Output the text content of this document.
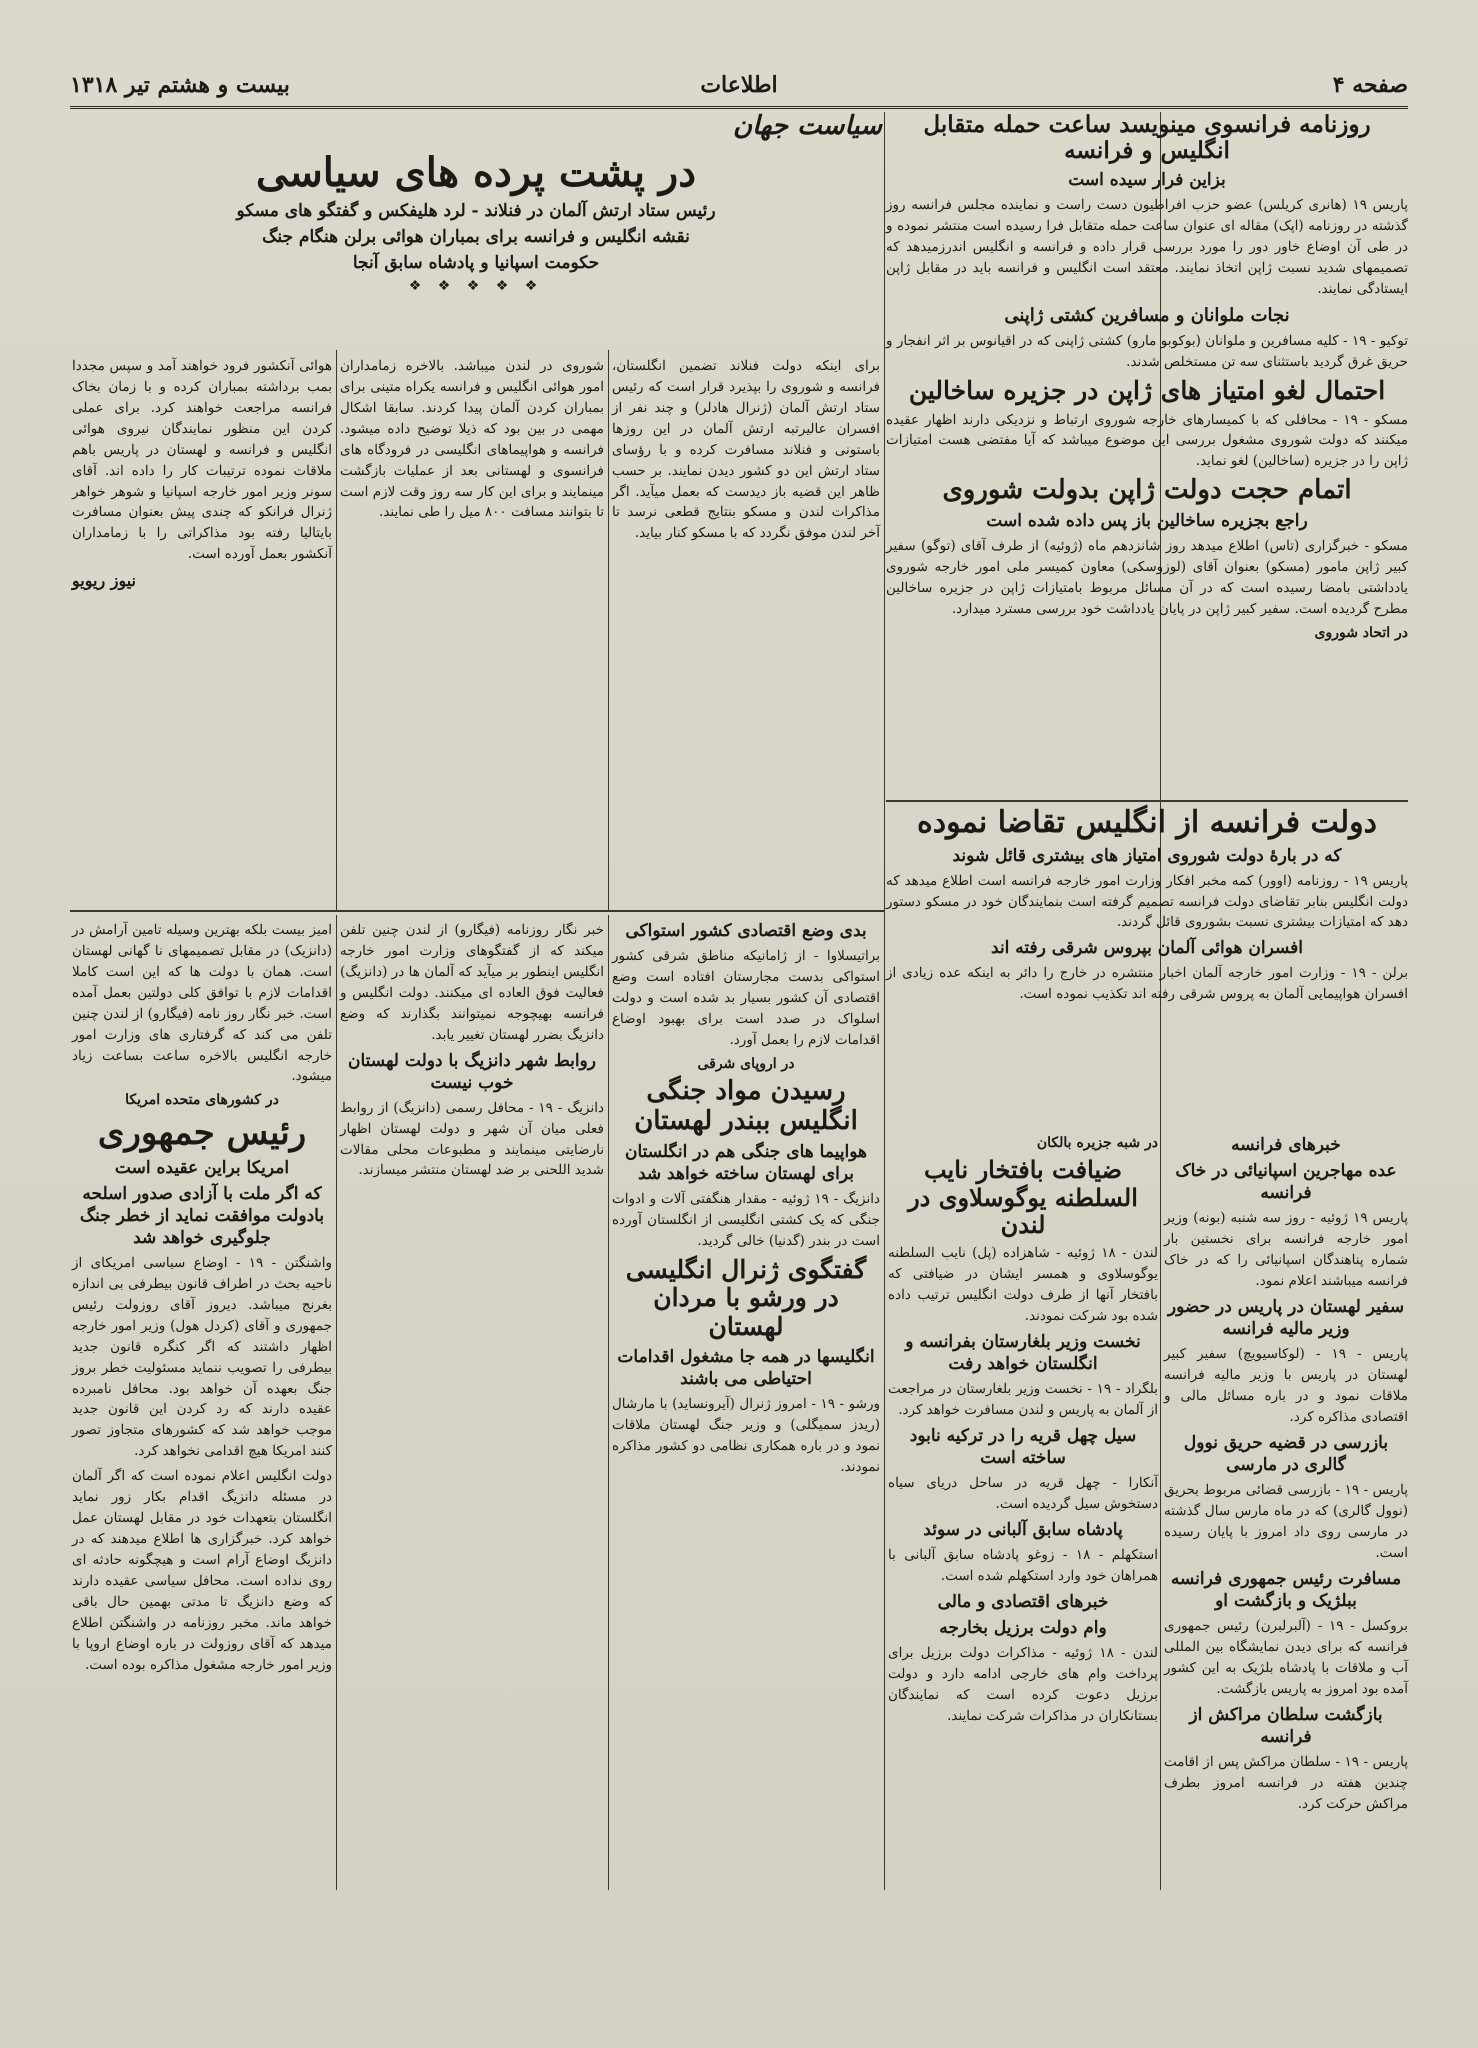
صفحه ۴
اطلاعات
بیست و هشتم تیر ۱۳۱۸
روزنامه فرانسوی مینویسد ساعت حمله متقابل انگلیس و فرانسه
بزاین فرار سیده است

پاریس ۱۹ (هانری کریلس) عضو حزب افراطیون دست راست و نماینده مجلس فرانسه روز گذشته در روزنامه (اپک) مقاله ای عنوان ساعت حمله متقابل فرا رسیده است منتشر نموده و در طی آن اوضاع خاور دور را مورد بررسی قرار داده و فرانسه و انگلیس اندرزمیدهد که تصمیمهای شدید نسبت ژاپن اتخاذ نمایند. معتقد است انگلیس و فرانسه باید در مقابل ژاپن ایستادگی نمایند.

نجات ملوانان و مسافرین کشتی ژاپنی

توکیو - ۱۹ - کلیه مسافرین و ملوانان (بوکوبو مارو) کشتی ژاپنی که در اقیانوس بر اثر انفجار و حریق غرق گردید باستثنای سه تن مستخلص شدند.

احتمال لغو امتیاز های ژاپن در جزیره ساخالین

مسکو - ۱۹ - محافلی که با کمیسارهای خارجه شوروی ارتباط و نزدیکی دارند اظهار عقیده میکنند که دولت شوروی مشغول بررسی این موضوع میباشد که آیا مفتضی هست امتیازات ژاپن را در جزیره (ساخالین) لغو نماید.

اتمام حجت دولت ژاپن بدولت شوروی
راجع بجزیره ساخالین باز پس داده شده است

مسکو - خبرگزاری (تاس) اطلاع میدهد روز شانزدهم ماه (ژوئیه) از طرف آقای (توگو) سفیر کبیر ژاپن مامور (مسکو) بعنوان آقای (لوزوسکی) معاون کمیسر ملی امور خارجه شوروی یادداشتی بامضا رسیده است که در آن مسائل مربوط بامتیازات ژاپن در جزیره ساخالین مطرح گردیده است. سفیر کبیر ژاپن در پایان یادداشت خود بررسی مسترد میدارد.

در اتحاد شوروی
سیاست جهان
در پشت پرده های سیاسی
رئیس ستاد ارتش آلمان در فنلاند - لرد هلیفکس و گفتگو های مسکو
نقشه انگلیس و فرانسه برای بمباران هوائی برلن هنگام جنگ
حکومت اسپانیا و پادشاه سابق آنجا
❖ ❖ ❖ ❖ ❖

برای اینکه دولت فنلاند تضمین انگلستان، فرانسه و شوروی را بپذیرد قرار است که رئیس ستاد ارتش آلمان (ژنرال هادلر) و چند نفر از افسران عالیرتبه ارتش آلمان در این روزها باستونی و فنلاند مسافرت کرده و با رؤسای ستاد ارتش این دو کشور دیدن نمایند. بر حسب ظاهر این قضیه باز دیدست که بعمل میآید. اگر مذاکرات لندن و مسکو بنتایج قطعی نرسد تا آخر لندن موفق نگردد که با مسکو کنار بیاید.

شوروی در لندن میباشد. بالاخره زمامداران امور هوائی انگلیس و فرانسه یکراه متینی برای بمباران کردن آلمان پیدا کردند. سابقا اشکال مهمی در بین بود که ذیلا توضیح داده میشود. فرانسه و هواپیماهای انگلیسی در فرودگاه های فرانسوی و لهستانی بعد از عملیات بازگشت مینمایند و برای این کار سه روز وقت لازم است تا بتوانند مسافت ۸۰۰ میل را طی نمایند.

هوائی آنکشور فرود خواهند آمد و سپس مجددا بمب برداشته بمباران کرده و با زمان بخاک فرانسه مراجعت خواهند کرد. برای عملی کردن این منظور نمایندگان نیروی هوائی انگلیس و فرانسه و لهستان در پاریس باهم ملاقات نموده ترتیبات کار را داده اند. آقای سونر وزیر امور خارجه اسپانیا و شوهر خواهر ژنرال فرانکو که چندی پیش بعنوان مسافرت بایتالیا رفته بود مذاکراتی را با زمامداران آنکشور بعمل آورده است.

نیوز ریویو
دولت فرانسه از انگلیس تقاضا نموده
که در بارهٔ دولت شوروی امتیاز های بیشتری قائل شوند

پاریس ۱۹ - روزنامه (اوور) کمه مخبر افکار وزارت امور خارجه فرانسه است اطلاع میدهد که دولت انگلیس بنابر تقاضای دولت فرانسه تصمیم گرفته است بنمایندگان خود در مسکو دستور دهد که امتیازات بیشتری نسبت بشوروی قائل گردند.

افسران هوائی آلمان بپروس شرقی رفته اند

برلن - ۱۹ - وزارت امور خارجه آلمان اخبار منتشره در خارج را دائر به اینکه عده زیادی از افسران هواپیمایی آلمان به پروس شرقی رفته اند تکذیب نموده است.

در شبه جزیره بالکان
ضیافت بافتخار نایب السلطنه یوگوسلاوی در لندن

لندن - ۱۸ ژوئیه - شاهزاده (پل) نایب السلطنه یوگوسلاوی و همسر ایشان در ضیافتی که بافتخار آنها از طرف دولت انگلیس ترتیب داده شده بود شرکت نمودند.

نخست وزیر بلغارستان بفرانسه و انگلستان خواهد رفت

بلگراد - ۱۹ - نخست وزیر بلغارستان در مراجعت از آلمان به پاریس و لندن مسافرت خواهد کرد.

سیل چهل قریه را در ترکیه نابود ساخته است

آنکارا - چهل قریه در ساحل دریای سیاه دستخوش سیل گردیده است.

پادشاه سابق آلبانی در سوئد

استکهلم - ۱۸ - زوغو پادشاه سابق آلبانی با همراهان خود وارد استکهلم شده است.

خبرهای اقتصادی و مالی
وام دولت برزیل بخارجه

لندن - ۱۸ ژوئیه - مذاکرات دولت برزیل برای پرداخت وام های خارجی ادامه دارد و دولت برزیل دعوت کرده است که نمایندگان بستانکاران در مذاکرات شرکت نمایند.

خبرهای فرانسه
عده مهاجرین اسپانیائی در خاک فرانسه

پاریس ۱۹ ژوئیه - روز سه شنبه (بونه) وزیر امور خارجه فرانسه برای نخستین بار شماره پناهندگان اسپانیائی را که در خاک فرانسه میباشند اعلام نمود.

سفیر لهستان در پاریس در حضور وزیر مالیه فرانسه

پاریس - ۱۹ - (لوکاسیویچ) سفیر کبیر لهستان در پاریس با وزیر مالیه فرانسه ملاقات نمود و در باره مسائل مالی و اقتصادی مذاکره کرد.

بازرسی در قضیه حریق نوول گالری در مارسی

پاریس - ۱۹ - بازرسی قضائی مربوط بحریق (نوول گالری) که در ماه مارس سال گذشته در مارسی روی داد امروز با پایان رسیده است.

مسافرت رئیس جمهوری فرانسه ببلژیک و بازگشت او

بروکسل - ۱۹ - (آلبرلبرن) رئیس جمهوری فرانسه که برای دیدن نمایشگاه بین المللی آب و ملاقات با پادشاه بلژیک به این کشور آمده بود امروز به پاریس بازگشت.

بازگشت سلطان مراکش از فرانسه

پاریس - ۱۹ - سلطان مراکش پس از اقامت چندین هفته در فرانسه امروز بطرف مراکش حرکت کرد.

بدی وضع اقتصادی کشور استواکی

براتیسلاوا - از ژامانیکه مناطق شرقی کشور استواکی بدست مجارستان افتاده است وضع اقتصادی آن کشور بسیار بد شده است و دولت اسلواک در صدد است برای بهبود اوضاع اقدامات لازم را بعمل آورد.

در اروپای شرقی
رسیدن مواد جنگی انگلیس ببندر لهستان
هواپیما های جنگی هم در انگلستان برای لهستان ساخته خواهد شد

دانزیگ - ۱۹ ژوئیه - مقدار هنگفتی آلات و ادوات جنگی که یک کشتی انگلیسی از انگلستان آورده است در بندر (گدنیا) خالی گردید.

گفتگوی ژنرال انگلیسی در ورشو با مردان لهستان
انگلیسها در همه جا مشغول اقدامات احتیاطی می باشند

ورشو - ۱۹ - امروز ژنرال (آیرونساید) با مارشال (ریدز سمیگلی) و وزیر جنگ لهستان ملاقات نمود و در باره همکاری نظامی دو کشور مذاکره نمودند.

خبر نگار روزنامه (فیگارو) از لندن چنین تلفن میکند که از گفتگوهای وزارت امور خارجه انگلیس اینطور بر میآید که آلمان ها در (دانزیگ) فعالیت فوق العاده ای میکنند. دولت انگلیس و فرانسه بهیچوجه نمیتوانند بگذارند که وضع دانزیگ بضرر لهستان تغییر یابد.

روابط شهر دانزیگ با دولت لهستان خوب نیست

دانزیگ - ۱۹ - محافل رسمی (دانزیگ) از روابط فعلی میان آن شهر و دولت لهستان اظهار نارضایتی مینمایند و مطبوعات محلی مقالات شدید اللحنی بر ضد لهستان منتشر میسازند.

امیز بیست بلکه بهترین وسیله تامین آرامش در (دانزیک) در مقابل تصمیمهای نا گهانی لهستان است. همان با دولت ها که این است کاملا اقدامات لازم با توافق کلی دولتین بعمل آمده است. خبر نگار روز نامه (فیگارو) از لندن چنین تلفن می کند که گرفتاری های وزارت امور خارجه انگلیس بالاخره ساعت بساعت زیاد میشود.

در کشورهای متحده امریکا
رئیس جمهوری
امریکا براین عقیده است
که اگر ملت با آزادی صدور اسلحه بادولت موافقت نماید از خطر جنگ جلوگیری خواهد شد

واشنگتن - ۱۹ - اوضاع سیاسی امریکای از ناحیه بحث در اطراف قانون بیطرفی بی اندازه بغرنج میباشد. دیروز آقای روزولت رئیس جمهوری و آقای (کردل هول) وزیر امور خارجه اظهار داشتند که اگر کنگره قانون جدید بیطرفی را تصویب ننماید مسئولیت خطر بروز جنگ بعهده آن خواهد بود. محافل نامبرده عقیده دارند که رد کردن این قانون جدید موجب خواهد شد که کشورهای متجاوز تصور کنند امریکا هیچ اقدامی نخواهد کرد.

دولت انگلیس اعلام نموده است که اگر آلمان در مسئله دانزیگ اقدام بکار زور نماید انگلستان بتعهدات خود در مقابل لهستان عمل خواهد کرد. خبرگزاری ها اطلاع میدهند که در دانزیگ اوضاع آرام است و هیچگونه حادثه ای روی نداده است. محافل سیاسی عقیده دارند که وضع دانزیگ تا مدتی بهمین حال باقی خواهد ماند. مخبر روزنامه در واشنگتن اطلاع میدهد که آقای روزولت در باره اوضاع اروپا با وزیر امور خارجه مشغول مذاکره بوده است.
